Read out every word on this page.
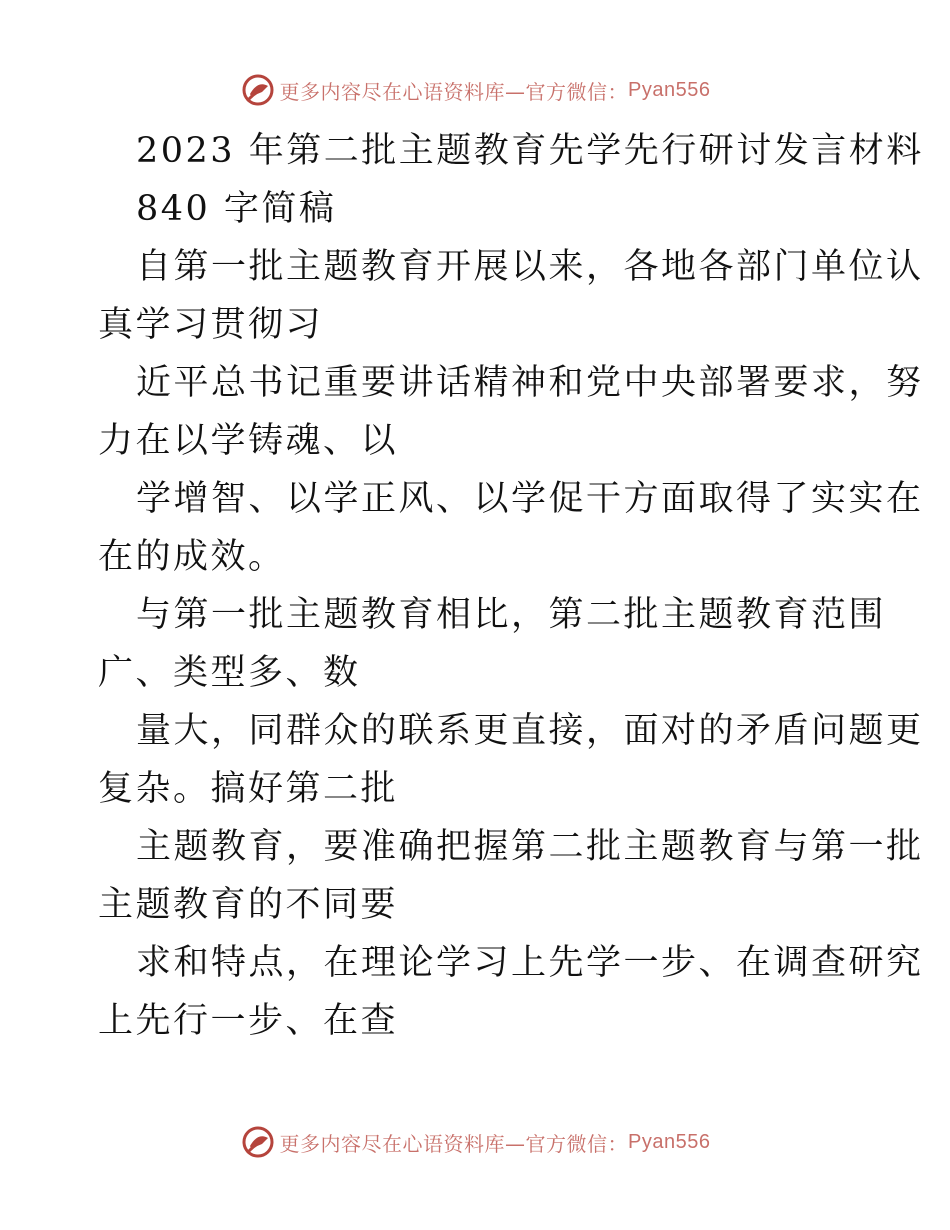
更多内容尽在心语资料库—官方微信： Pyan556
2023 年第二批主题教育先学先行研讨发言材料
840 字简稿
自第一批主题教育开展以来，各地各部门单位认
真学习贯彻习
近平总书记重要讲话精神和党中央部署要求，努
力在以学铸魂、以
学增智、以学正风、以学促干方面取得了实实在
在的成效。
与第一批主题教育相比，第二批主题教育范围
广、类型多、数
量大，同群众的联系更直接，面对的矛盾问题更
复杂。搞好第二批
主题教育，要准确把握第二批主题教育与第一批
主题教育的不同要
求和特点，在理论学习上先学一步、在调查研究
上先行一步、在查
更多内容尽在心语资料库—官方微信： Pyan556
